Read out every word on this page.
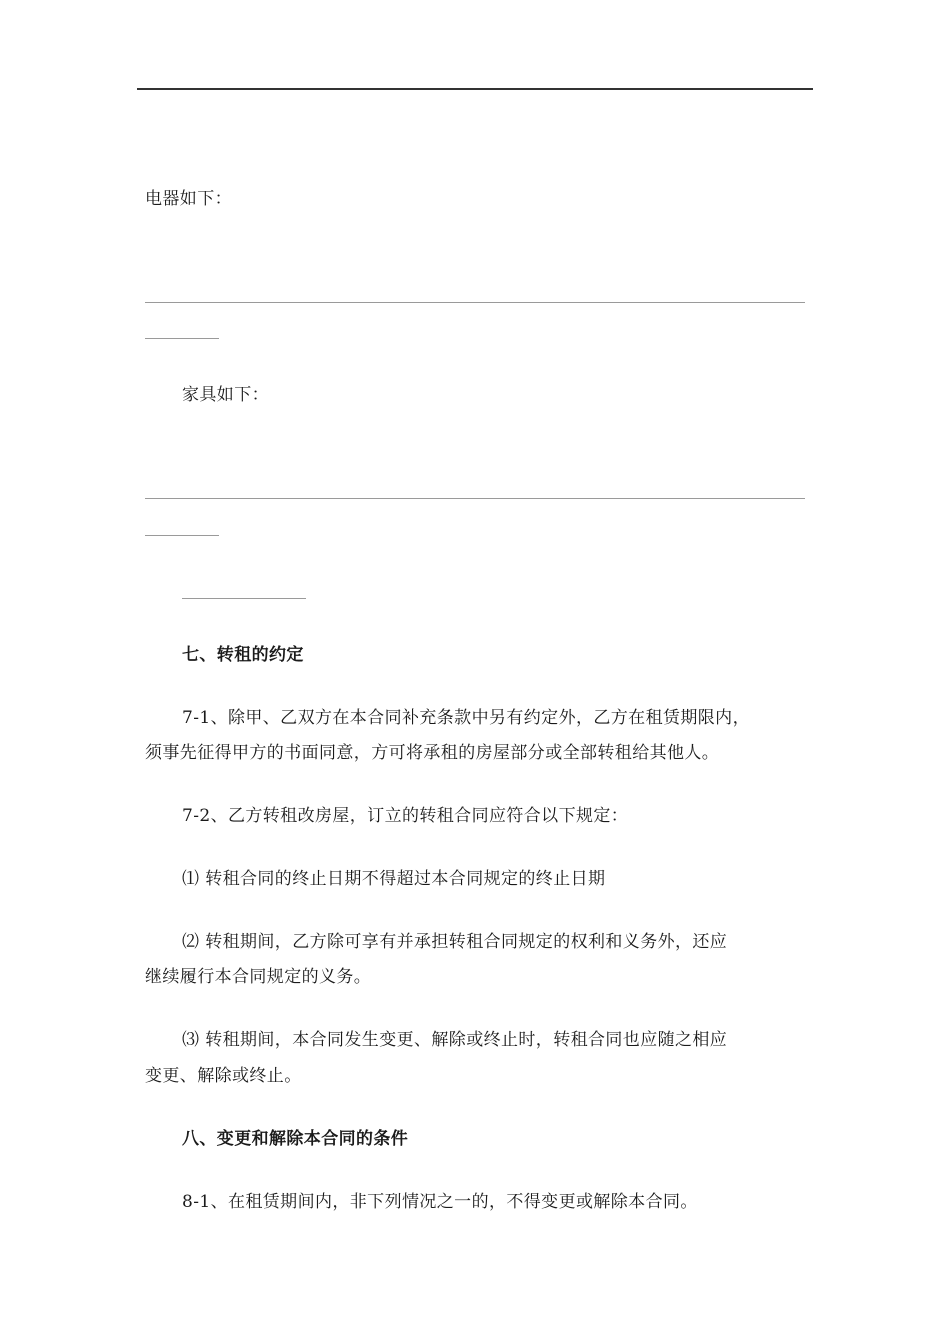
电器如下：
家具如下：
七、转租的约定
7-1、除甲、乙双方在本合同补充条款中另有约定外，乙方在租赁期限内，
须事先征得甲方的书面同意，方可将承租的房屋部分或全部转租给其他人。
7-2、乙方转租改房屋，订立的转租合同应符合以下规定：
⑴ 转租合同的终止日期不得超过本合同规定的终止日期
⑵ 转租期间，乙方除可享有并承担转租合同规定的权利和义务外，还应
继续履行本合同规定的义务。
⑶ 转租期间，本合同发生变更、解除或终止时，转租合同也应随之相应
变更、解除或终止。
八、变更和解除本合同的条件
8-1、在租赁期间内，非下列情况之一的，不得变更或解除本合同。
